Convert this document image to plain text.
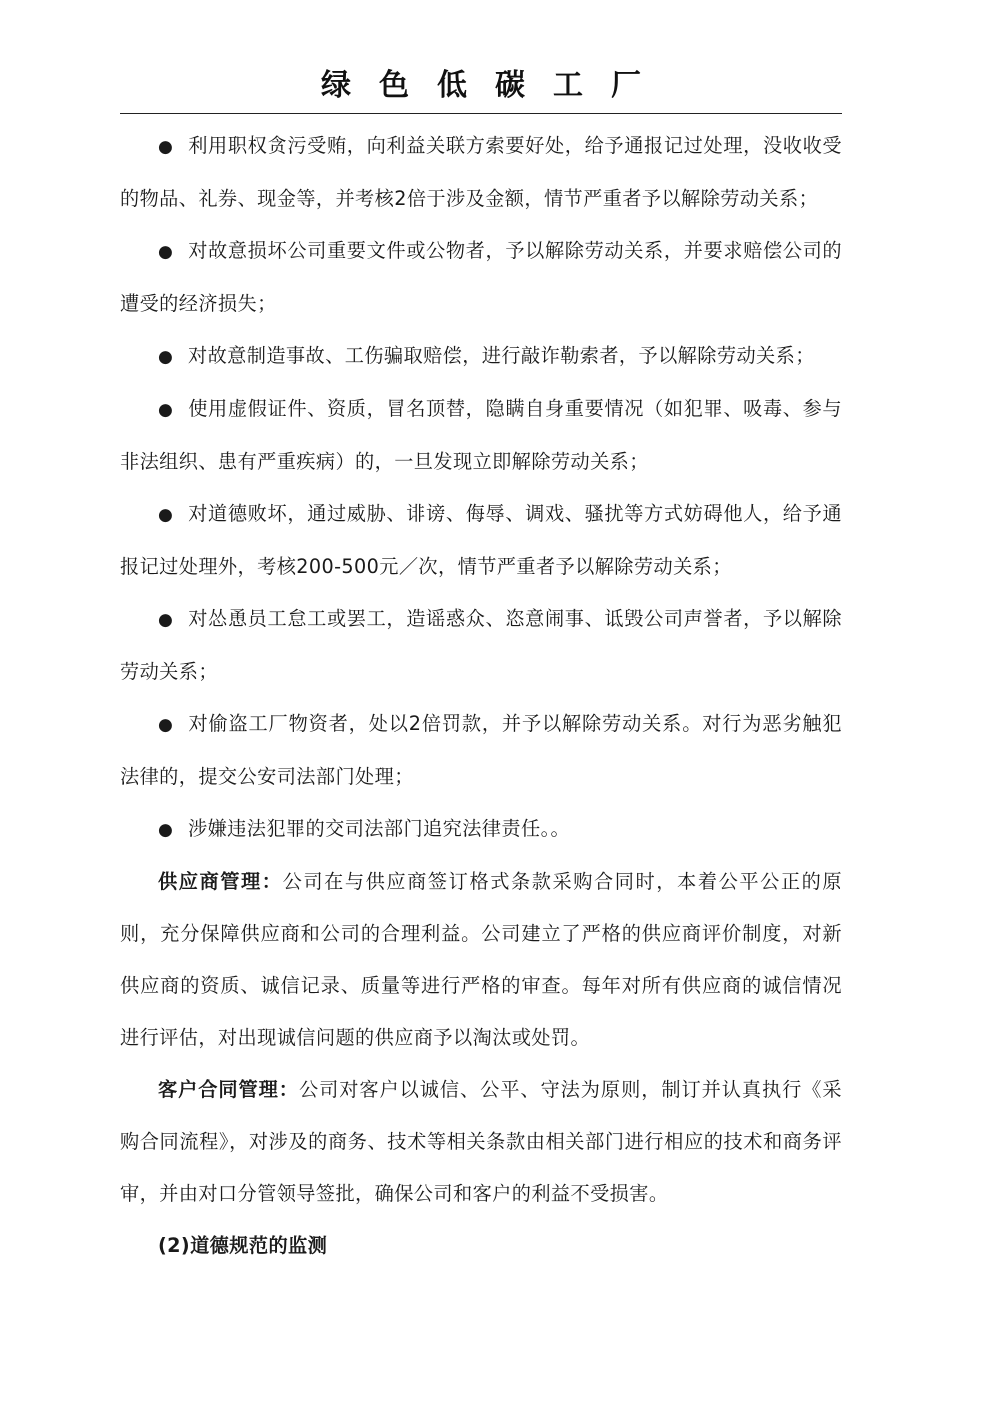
绿色低碳工厂

● 利用职权贪污受贿，向利益关联方索要好处，给予通报记过处理，没收收受的物品、礼券、现金等，并考核2倍于涉及金额，情节严重者予以解除劳动关系；

● 对故意损坏公司重要文件或公物者，予以解除劳动关系，并要求赔偿公司的遭受的经济损失；

● 对故意制造事故、工伤骗取赔偿，进行敲诈勒索者，予以解除劳动关系；

● 使用虚假证件、资质，冒名顶替，隐瞒自身重要情况（如犯罪、吸毒、参与非法组织、患有严重疾病）的，一旦发现立即解除劳动关系；

● 对道德败坏，通过威胁、诽谤、侮辱、调戏、骚扰等方式妨碍他人，给予通报记过处理外，考核200-500元／次，情节严重者予以解除劳动关系；

● 对怂恿员工怠工或罢工，造谣惑众、恣意闹事、诋毁公司声誉者，予以解除劳动关系；

● 对偷盗工厂物资者，处以2倍罚款，并予以解除劳动关系。对行为恶劣触犯法律的，提交公安司法部门处理；

● 涉嫌违法犯罪的交司法部门追究法律责任。。

供应商管理：公司在与供应商签订格式条款采购合同时，本着公平公正的原则，充分保障供应商和公司的合理利益。公司建立了严格的供应商评价制度，对新供应商的资质、诚信记录、质量等进行严格的审查。每年对所有供应商的诚信情况进行评估，对出现诚信问题的供应商予以淘汰或处罚。

客户合同管理：公司对客户以诚信、公平、守法为原则，制订并认真执行《采购合同流程》，对涉及的商务、技术等相关条款由相关部门进行相应的技术和商务评审，并由对口分管领导签批，确保公司和客户的利益不受损害。

(2)道德规范的监测
